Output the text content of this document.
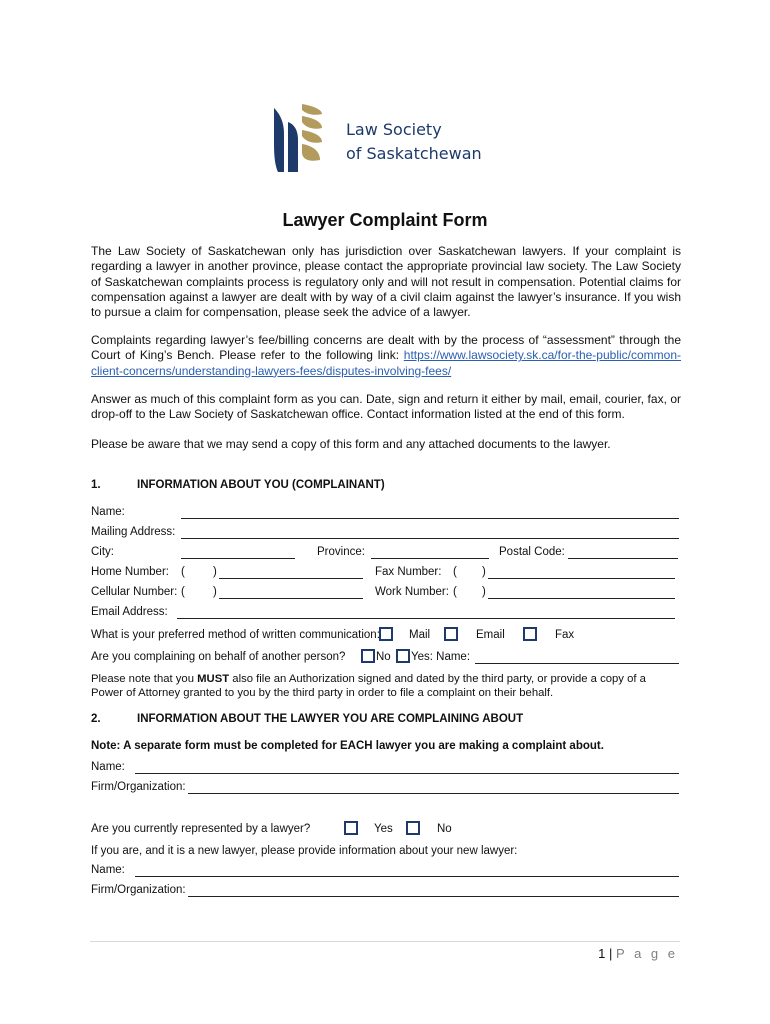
Law Society
of Saskatchewan
Lawyer Complaint Form
The Law Society of Saskatchewan only has jurisdiction over Saskatchewan lawyers. If your complaint is regarding a lawyer in another province, please contact the appropriate provincial law society. The Law Society of Saskatchewan complaints process is regulatory only and will not result in compensation. Potential claims for compensation against a lawyer are dealt with by way of a civil claim against the lawyer’s insurance. If you wish to pursue a claim for compensation, please seek the advice of a lawyer.
Complaints regarding lawyer’s fee/billing concerns are dealt with by the process of “assessment” through the Court of King’s Bench. Please refer to the following link: https://www.lawsociety.sk.ca/for-the-public/common-client-concerns/understanding-lawyers-fees/disputes-involving-fees/
Answer as much of this complaint form as you can. Date, sign and return it either by mail, email, courier, fax, or drop-off to the Law Society of Saskatchewan office. Contact information listed at the end of this form.
Please be aware that we may send a copy of this form and any attached documents to the lawyer.
1.	INFORMATION ABOUT YOU (COMPLAINANT)
Name:
Mailing Address:
City:	Province:	Postal Code:
Home Number: ( )	Fax Number: ( )
Cellular Number: ( )	Work Number: ( )
Email Address:
What is your preferred method of written communication:	Mail	Email	Fax
Are you complaining on behalf of another person?	No Yes: Name:
Please note that you MUST also file an Authorization signed and dated by the third party, or provide a copy of a Power of Attorney granted to you by the third party in order to file a complaint on their behalf.
2.	INFORMATION ABOUT THE LAWYER YOU ARE COMPLAINING ABOUT
Note: A separate form must be completed for EACH lawyer you are making a complaint about.
Name:
Firm/Organization:
Are you currently represented by a lawyer?	Yes	No
If you are, and it is a new lawyer, please provide information about your new lawyer:
Name:
Firm/Organization:
1 | P a g e
